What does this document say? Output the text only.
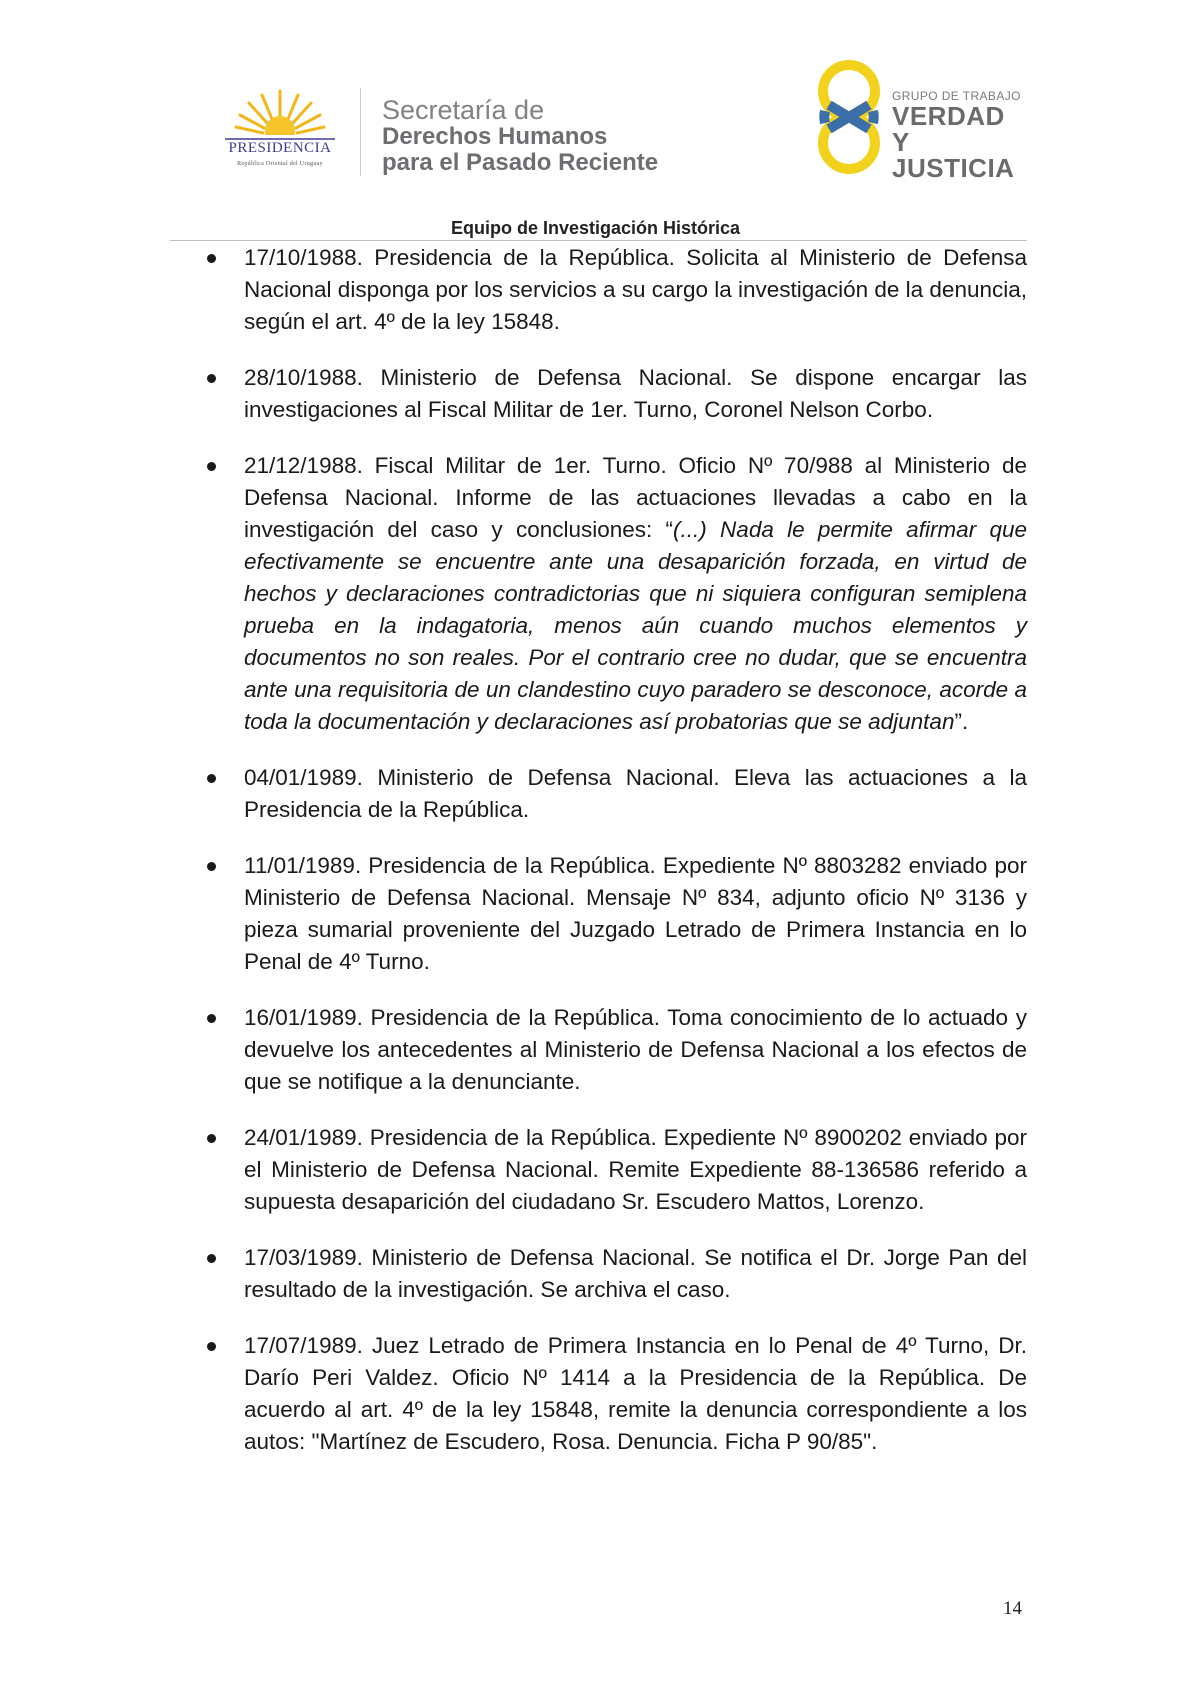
PRESIDENCIA
República Oriental del Uruguay
Secretaría de
Derechos Humanos
para el Pasado Reciente
GRUPO DE TRABAJO
VERDAD Y
JUSTICIA
Equipo de Investigación Histórica
17/10/1988. Presidencia de la República. Solicita al Ministerio de Defensa Nacional disponga por los servicios a su cargo la investigación de la denuncia, según el art. 4º de la ley 15848.
28/10/1988. Ministerio de Defensa Nacional. Se dispone encargar las investigaciones al Fiscal Militar de 1er. Turno, Coronel Nelson Corbo.
21/12/1988. Fiscal Militar de 1er. Turno. Oficio Nº 70/988 al Ministerio de Defensa Nacional. Informe de las actuaciones llevadas a cabo en la investigación del caso y conclusiones: “(...) Nada le permite afirmar que efectivamente se encuentre ante una desaparición forzada, en virtud de hechos y declaraciones contradictorias que ni siquiera configuran semiplena prueba en la indagatoria, menos aún cuando muchos elementos y documentos no son reales. Por el contrario cree no dudar, que se encuentra ante una requisitoria de un clandestino cuyo paradero se desconoce, acorde a toda la documentación y declaraciones así probatorias que se adjuntan”.
04/01/1989. Ministerio de Defensa Nacional. Eleva las actuaciones a la Presidencia de la República.
11/01/1989. Presidencia de la República. Expediente Nº 8803282 enviado por Ministerio de Defensa Nacional. Mensaje Nº 834, adjunto oficio Nº 3136 y pieza sumarial proveniente del Juzgado Letrado de Primera Instancia en lo Penal de 4º Turno.
16/01/1989. Presidencia de la República. Toma conocimiento de lo actuado y devuelve los antecedentes al Ministerio de Defensa Nacional a los efectos de que se notifique a la denunciante.
24/01/1989. Presidencia de la República. Expediente Nº 8900202 enviado por el Ministerio de Defensa Nacional. Remite Expediente 88-136586 referido a supuesta desaparición del ciudadano Sr. Escudero Mattos, Lorenzo.
17/03/1989. Ministerio de Defensa Nacional. Se notifica el Dr. Jorge Pan del resultado de la investigación. Se archiva el caso.
17/07/1989. Juez Letrado de Primera Instancia en lo Penal de 4º Turno, Dr. Darío Peri Valdez. Oficio Nº 1414 a la Presidencia de la República. De acuerdo al art. 4º de la ley 15848, remite la denuncia correspondiente a los autos: "Martínez de Escudero, Rosa. Denuncia. Ficha P 90/85".
14
